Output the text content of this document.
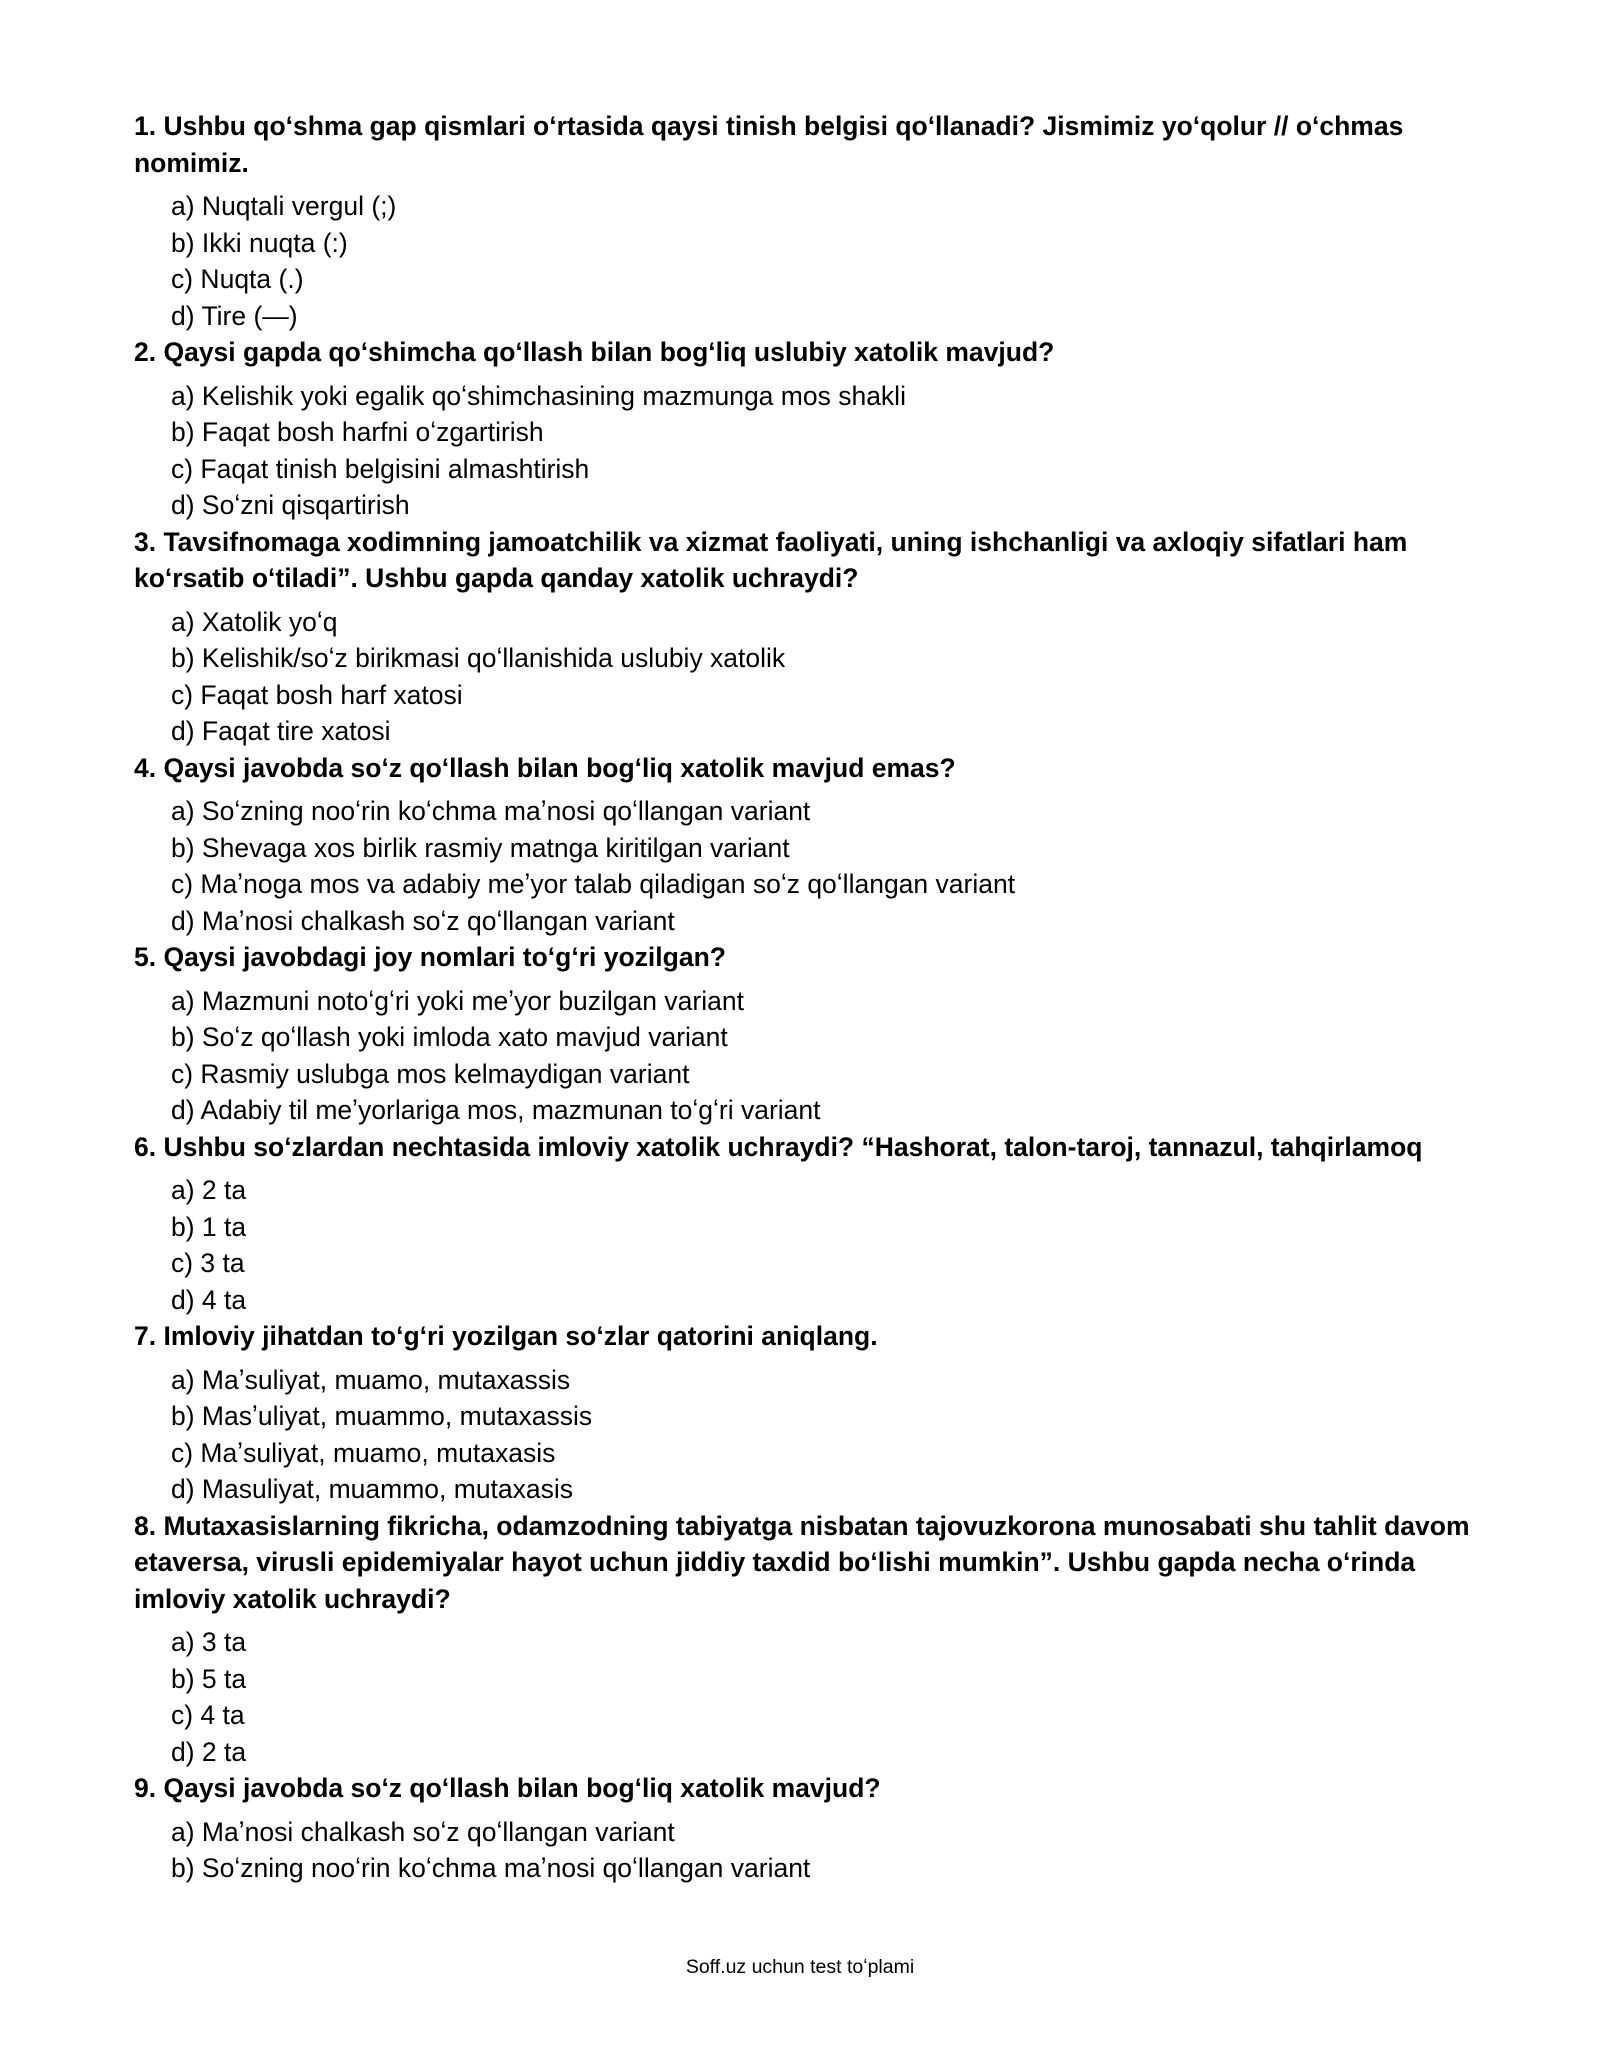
1. Ushbu qoʻshma gap qismlari oʻrtasida qaysi tinish belgisi qoʻllanadi? Jismimiz yoʻqolur // oʻchmas nomimiz.

a) Nuqtali vergul (;)
b) Ikki nuqta (:)
c) Nuqta (.)
d) Tire (—)

2. Qaysi gapda qoʻshimcha qoʻllash bilan bogʻliq uslubiy xatolik mavjud?

a) Kelishik yoki egalik qoʻshimchasining mazmunga mos shakli
b) Faqat bosh harfni oʻzgartirish
c) Faqat tinish belgisini almashtirish
d) Soʻzni qisqartirish

3. Tavsifnomaga xodimning jamoatchilik va xizmat faoliyati, uning ishchanligi va axloqiy sifatlari ham koʻrsatib oʻtiladi”. Ushbu gapda qanday xatolik uchraydi?

a) Xatolik yoʻq
b) Kelishik/soʻz birikmasi qoʻllanishida uslubiy xatolik
c) Faqat bosh harf xatosi
d) Faqat tire xatosi

4. Qaysi javobda soʻz qoʻllash bilan bogʻliq xatolik mavjud emas?

a) Soʻzning nooʻrin koʻchma maʼnosi qoʻllangan variant
b) Shevaga xos birlik rasmiy matnga kiritilgan variant
c) Maʼnoga mos va adabiy meʼyor talab qiladigan soʻz qoʻllangan variant
d) Maʼnosi chalkash soʻz qoʻllangan variant

5. Qaysi javobdagi joy nomlari toʻgʻri yozilgan?

a) Mazmuni notoʻgʻri yoki meʼyor buzilgan variant
b) Soʻz qoʻllash yoki imloda xato mavjud variant
c) Rasmiy uslubga mos kelmaydigan variant
d) Adabiy til meʼyorlariga mos, mazmunan toʻgʻri variant

6. Ushbu soʻzlardan nechtasida imloviy xatolik uchraydi? “Hashorat, talon-taroj, tannazul, tahqirlamoq

a) 2 ta
b) 1 ta
c) 3 ta
d) 4 ta

7. Imloviy jihatdan toʻgʻri yozilgan soʻzlar qatorini aniqlang.

a) Maʼsuliyat, muamo, mutaxassis
b) Masʼuliyat, muammo, mutaxassis
c) Maʼsuliyat, muamo, mutaxasis
d) Masuliyat, muammo, mutaxasis

8. Mutaxasislarning fikricha, odamzodning tabiyatga nisbatan tajovuzkorona munosabati shu tahlit davom etaversa, virusli epidemiyalar hayot uchun jiddiy taxdid boʻlishi mumkin”. Ushbu gapda necha oʻrinda imloviy xatolik uchraydi?

a) 3 ta
b) 5 ta
c) 4 ta
d) 2 ta

9. Qaysi javobda soʻz qoʻllash bilan bogʻliq xatolik mavjud?

a) Maʼnosi chalkash soʻz qoʻllangan variant
b) Soʻzning nooʻrin koʻchma maʼnosi qoʻllangan variant
Soff.uz uchun test toʻplami
